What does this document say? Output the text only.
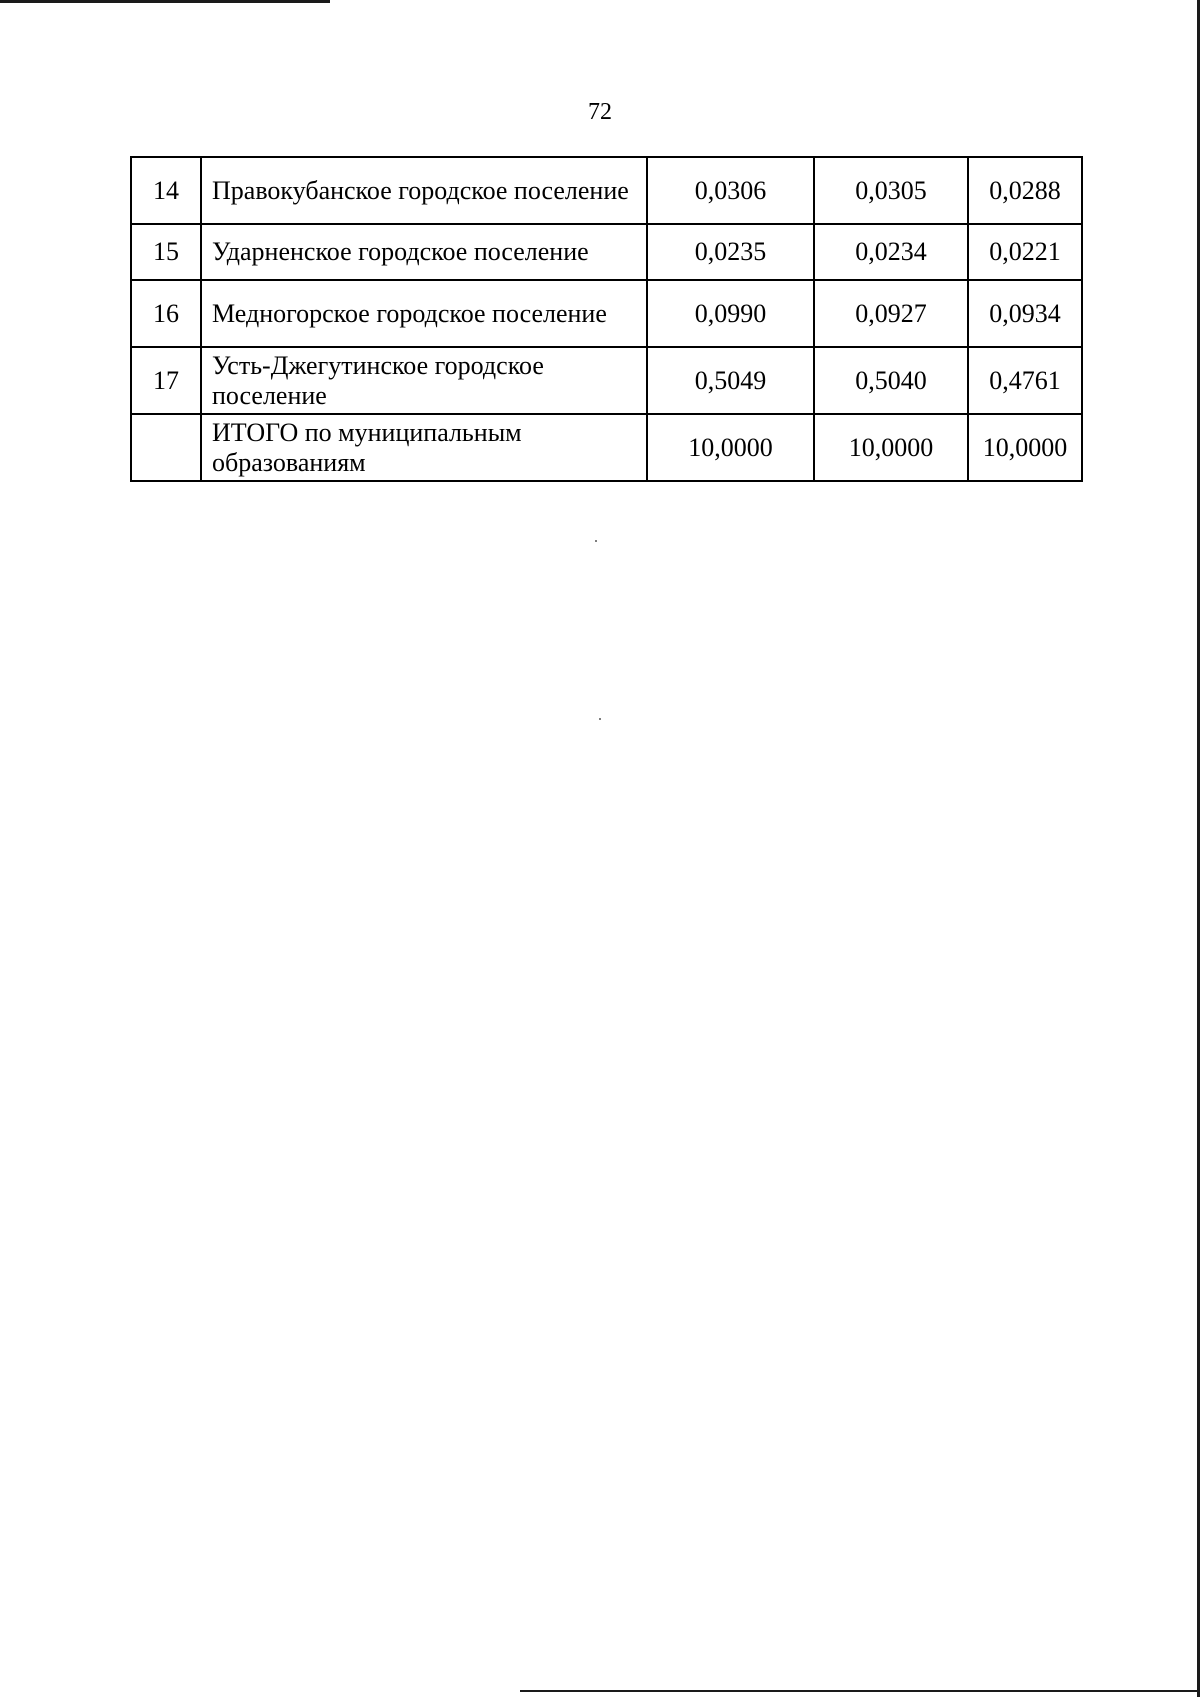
72
14	Правокубанское городское поселение	0,0306	0,0305	0,0288
15	Ударненское городское поселение	0,0235	0,0234	0,0221
16	Медногорское городское поселение	0,0990	0,0927	0,0934
17	Усть-Джегутинское городское поселение	0,5049	0,5040	0,4761
	ИТОГО по муниципальным образованиям	10,0000	10,0000	10,0000
